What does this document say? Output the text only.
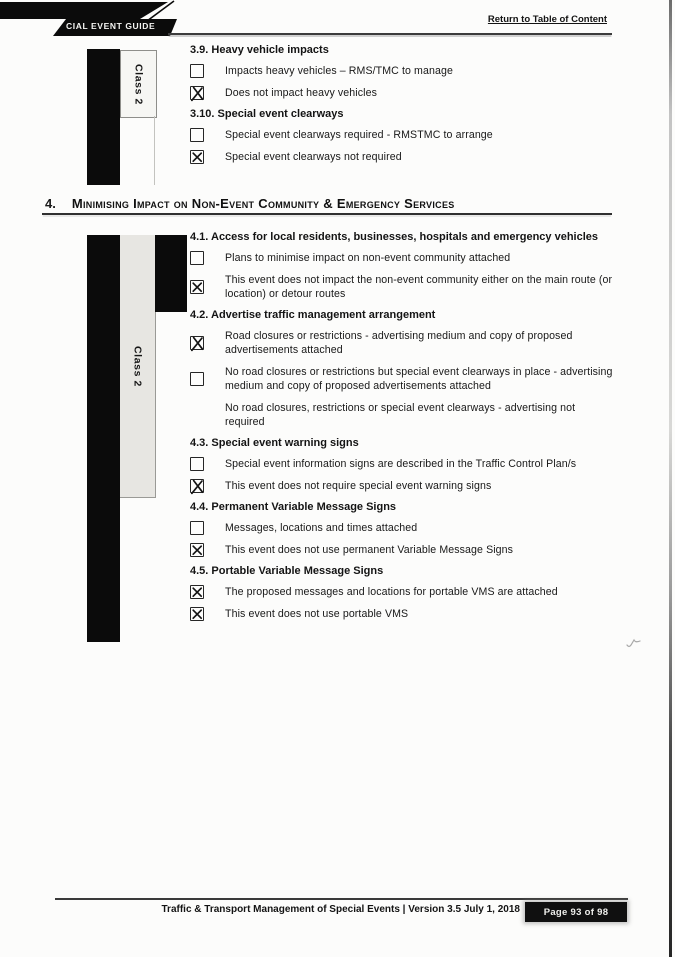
CIAL EVENT GUIDE
Return to Table of Content
Class 2
Class 2
3.9. Heavy vehicle impacts
Impacts heavy vehicles – RMS/TMC to manage
Does not impact heavy vehicles
3.10. Special event clearways
Special event clearways required - RMSTMC to arrange
Special event clearways not required
4. Minimising Impact on Non-Event Community & Emergency Services
4.1. Access for local residents, businesses, hospitals and emergency vehicles
Plans to minimise impact on non-event community attached
This event does not impact the non-event community either on the main route (or location) or detour routes
4.2. Advertise traffic management arrangement
Road closures or restrictions - advertising medium and copy of proposed advertisements attached
No road closures or restrictions but special event clearways in place - advertising medium and copy of proposed advertisements attached
No road closures, restrictions or special event clearways - advertising not required
4.3. Special event warning signs
Special event information signs are described in the Traffic Control Plan/s
This event does not require special event warning signs
4.4. Permanent Variable Message Signs
Messages, locations and times attached
This event does not use permanent Variable Message Signs
4.5. Portable Variable Message Signs
The proposed messages and locations for portable VMS are attached
This event does not use portable VMS
Traffic & Transport Management of Special Events | Version 3.5 July 1, 2018	Page 93 of 98
